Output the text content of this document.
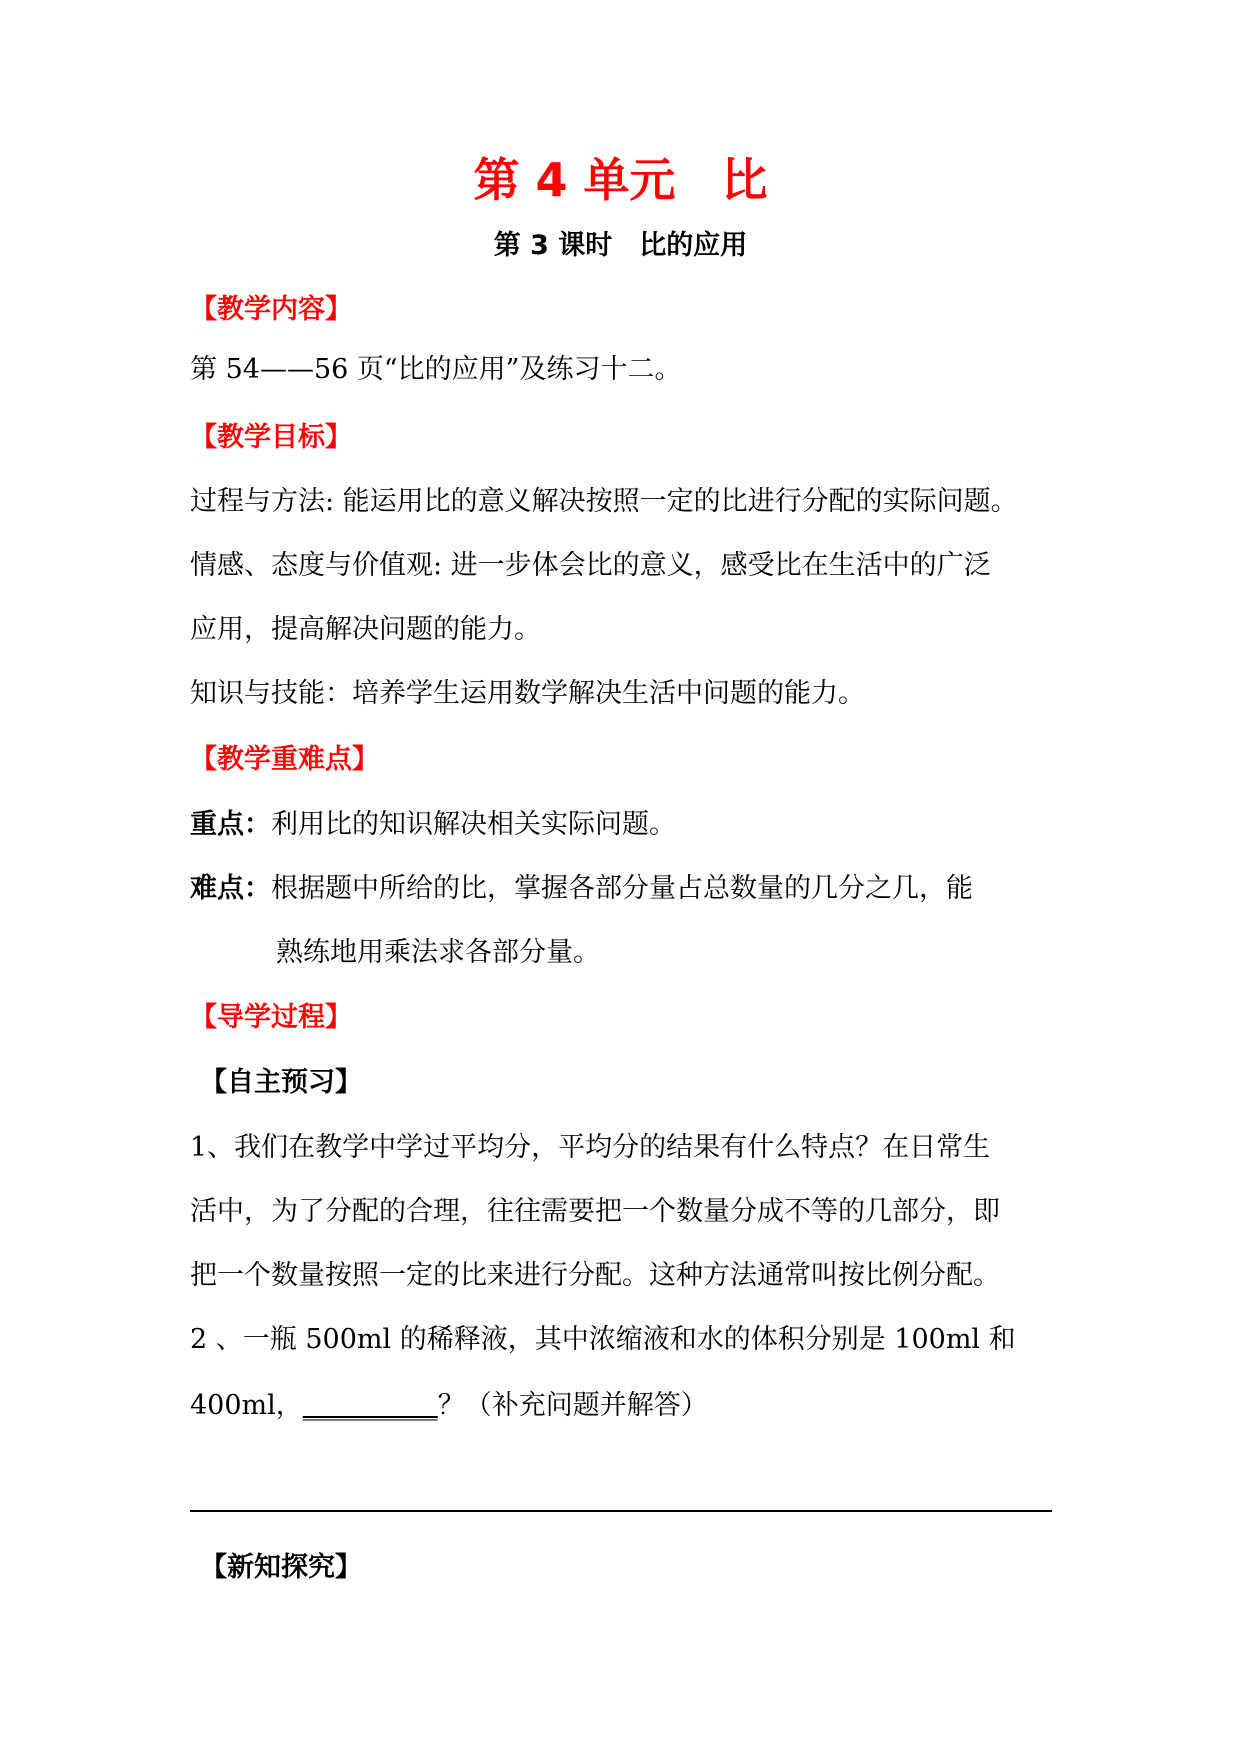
第 4 单元　比
第 3 课时　比的应用
【教学内容】
第 54——56 页“比的应用”及练习十二。
【教学目标】
过程与方法: 能运用比的意义解决按照一定的比进行分配的实际问题。
情感、态度与价值观: 进一步体会比的意义，感受比在生活中的广泛
应用，提高解决问题的能力。
知识与技能：培养学生运用数学解决生活中问题的能力。
【教学重难点】
重点：利用比的知识解决相关实际问题。
难点：根据题中所给的比，掌握各部分量占总数量的几分之几，能
熟练地用乘法求各部分量。
【导学过程】
【自主预习】
1、我们在教学中学过平均分，平均分的结果有什么特点？在日常生
活中，为了分配的合理，往往需要把一个数量分成不等的几部分，即
把一个数量按照一定的比来进行分配。这种方法通常叫按比例分配。
2 、一瓶 500ml 的稀释液，其中浓缩液和水的体积分别是 100ml 和
400ml，__________？（补充问题并解答）
【新知探究】
